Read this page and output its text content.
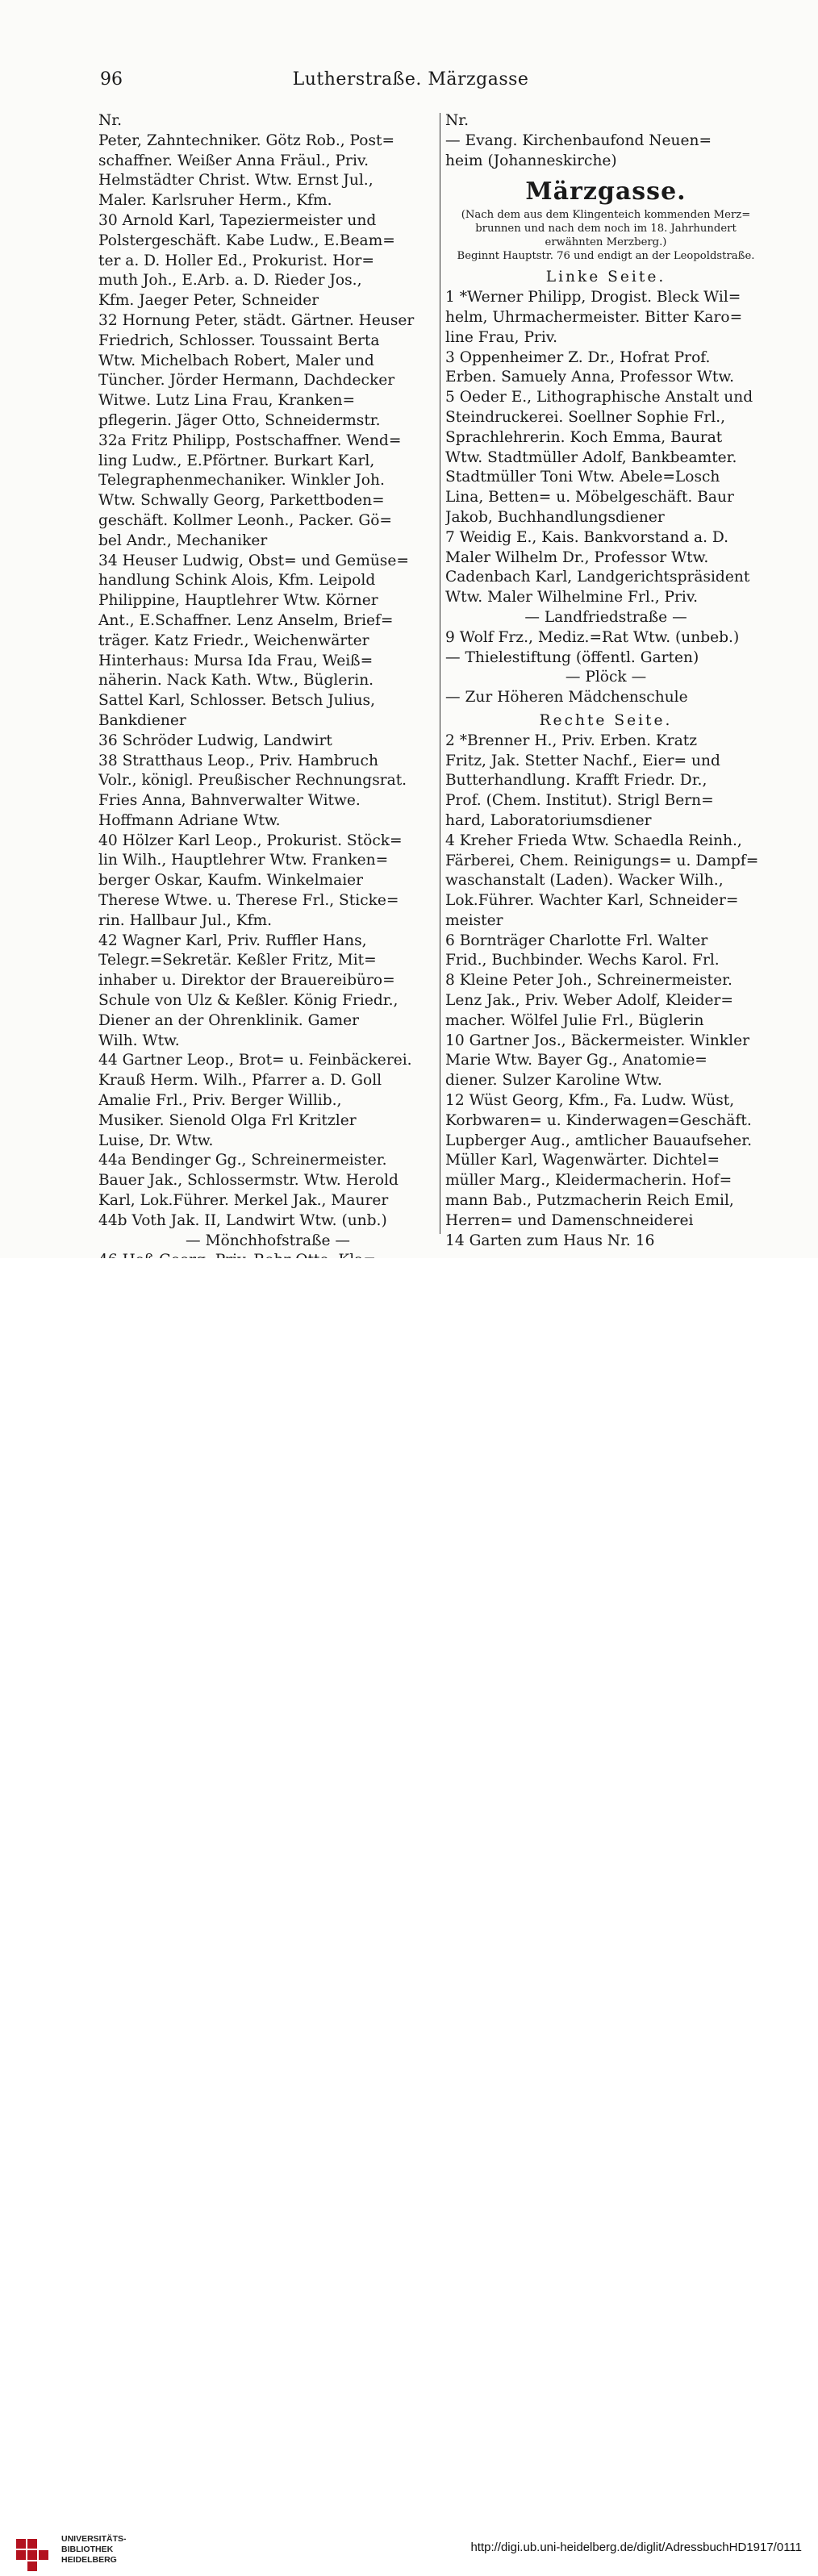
96	Lutherstraße. Märzgasse
Nr.
Peter, Zahntechniker. Götz Rob., Post=
schaffner. Weißer Anna Fräul., Priv.
Helmstädter Christ. Wtw. Ernst Jul.,
Maler. Karlsruher Herm., Kfm.
30 Arnold Karl, Tapeziermeister und
Polstergeschäft. Kabe Ludw., E.Beam=
ter a. D. Holler Ed., Prokurist. Hor=
muth Joh., E.Arb. a. D. Rieder Jos.,
Kfm. Jaeger Peter, Schneider
32 Hornung Peter, städt. Gärtner. Heuser
Friedrich, Schlosser. Toussaint Berta
Wtw. Michelbach Robert, Maler und
Tüncher. Jörder Hermann, Dachdecker
Witwe. Lutz Lina Frau, Kranken=
pflegerin. Jäger Otto, Schneidermstr.
32a Fritz Philipp, Postschaffner. Wend=
ling Ludw., E.Pförtner. Burkart Karl,
Telegraphenmechaniker. Winkler Joh.
Wtw. Schwally Georg, Parkettboden=
geschäft. Kollmer Leonh., Packer. Gö=
bel Andr., Mechaniker
34 Heuser Ludwig, Obst= und Gemüse=
handlung Schink Alois, Kfm. Leipold
Philippine, Hauptlehrer Wtw. Körner
Ant., E.Schaffner. Lenz Anselm, Brief=
träger. Katz Friedr., Weichenwärter
Hinterhaus: Mursa Ida Frau, Weiß=
näherin. Nack Kath. Wtw., Büglerin.
Sattel Karl, Schlosser. Betsch Julius,
Bankdiener
36 Schröder Ludwig, Landwirt
38 Stratthaus Leop., Priv. Hambruch
Volr., königl. Preußischer Rechnungsrat.
Fries Anna, Bahnverwalter Witwe.
Hoffmann Adriane Wtw.
40 Hölzer Karl Leop., Prokurist. Stöck=
lin Wilh., Hauptlehrer Wtw. Franken=
berger Oskar, Kaufm. Winkelmaier
Therese Wtwe. u. Therese Frl., Sticke=
rin. Hallbaur Jul., Kfm.
42 Wagner Karl, Priv. Ruffler Hans,
Telegr.=Sekretär. Keßler Fritz, Mit=
inhaber u. Direktor der Brauereibüro=
Schule von Ulz & Keßler. König Friedr.,
Diener an der Ohrenklinik. Gamer
Wilh. Wtw.
44 Gartner Leop., Brot= u. Feinbäckerei.
Krauß Herm. Wilh., Pfarrer a. D. Goll
Amalie Frl., Priv. Berger Willib.,
Musiker. Sienold Olga Frl Kritzler
Luise, Dr. Wtw.
44a Bendinger Gg., Schreinermeister.
Bauer Jak., Schlossermstr. Wtw. Herold
Karl, Lok.Führer. Merkel Jak., Maurer
44b Voth Jak. II, Landwirt Wtw. (unb.)
— Mönchhofstraße —
Nr.
— Evang. Kirchenbaufond Neuen=
heim (Johanneskirche)
Märzgasse.
(Nach dem aus dem Klingenteich kommenden Merz=
brunnen und nach dem noch im 18. Jahrhundert
erwähnten Merzberg.)
Beginnt Hauptstr. 76 und endigt an der Leopoldstraße.
Linke Seite.
1 *Werner Philipp, Drogist. Bleck Wil=
helm, Uhrmachermeister. Bitter Karo=
line Frau, Priv.
3 Oppenheimer Z. Dr., Hofrat Prof.
Erben. Samuely Anna, Professor Wtw.
5 Oeder E., Lithographische Anstalt und
Steindruckerei. Soellner Sophie Frl.,
Sprachlehrerin. Koch Emma, Baurat
Wtw. Stadtmüller Adolf, Bankbeamter.
Stadtmüller Toni Wtw. Abele=Losch
Lina, Betten= u. Möbelgeschäft. Baur
Jakob, Buchhandlungsdiener
7 Weidig E., Kais. Bankvorstand a. D.
Maler Wilhelm Dr., Professor Wtw.
Cadenbach Karl, Landgerichtspräsident
Wtw. Maler Wilhelmine Frl., Priv.
— Landfriedstraße —
9 Wolf Frz., Mediz.=Rat Wtw. (unbeb.)
— Thielestiftung (öffentl. Garten)
— Plöck —
— Zur Höheren Mädchenschule
Rechte Seite.
2 *Brenner H., Priv. Erben. Kratz
Fritz, Jak. Stetter Nachf., Eier= und
Butterhandlung. Krafft Friedr. Dr.,
Prof. (Chem. Institut). Strigl Bern=
hard, Laboratoriumsdiener
4 Kreher Frieda Wtw. Schaedla Reinh.,
Färberei, Chem. Reinigungs= u. Dampf=
waschanstalt (Laden). Wacker Wilh.,
Lok.Führer. Wachter Karl, Schneider=
meister
6 Bornträger Charlotte Frl. Walter
Frid., Buchbinder. Wechs Karol. Frl.
8 Kleine Peter Joh., Schreinermeister.
Lenz Jak., Priv. Weber Adolf, Kleider=
macher. Wölfel Julie Frl., Büglerin
10 Gartner Jos., Bäckermeister. Winkler
Marie Wtw. Bayer Gg., Anatomie=
diener. Sulzer Karoline Wtw.
12 Wüst Georg, Kfm., Fa. Ludw. Wüst,
Korbwaren= u. Kinderwagen=Geschäft.
Lupberger Aug., amtlicher Bauaufseher.
Müller Karl, Wagenwärter. Dichtel=
müller Marg., Kleidermacherin. Hof=
mann Bab., Putzmacherin Reich Emil,
Herren= und Damenschneiderei
14 Garten zum Haus Nr. 16
UNIVERSITÄTS-
BIBLIOTHEK
HEIDELBERG
http://digi.ub.uni-heidelberg.de/diglit/AdressbuchHD1917/0111
